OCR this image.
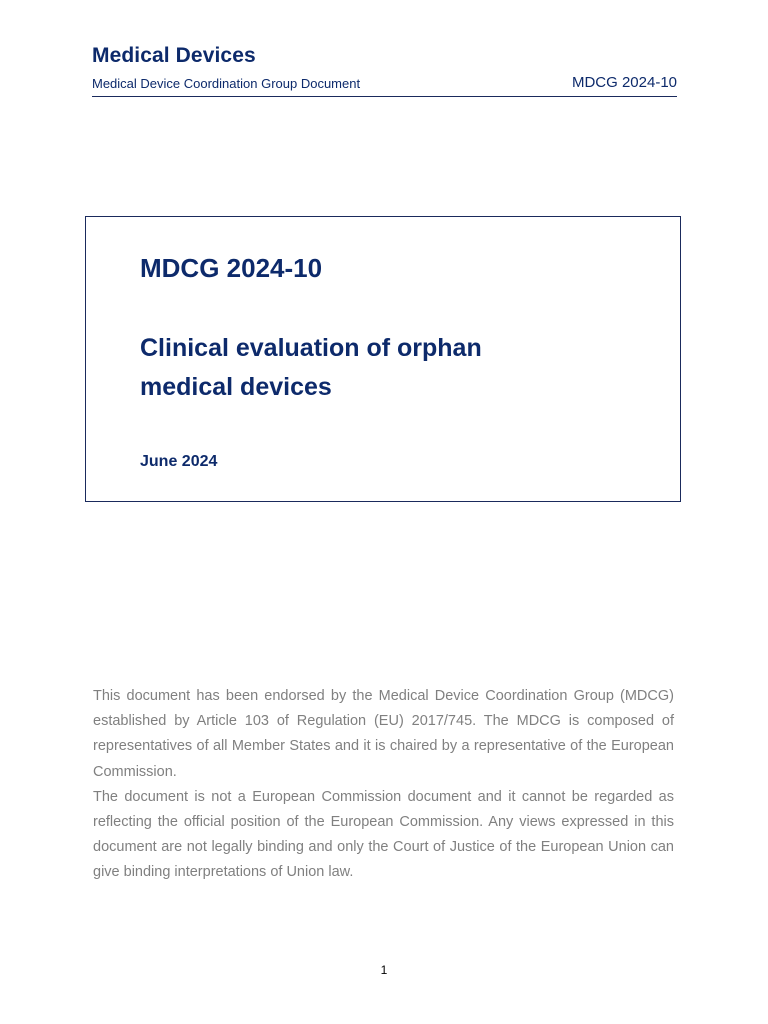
Medical Devices
Medical Device Coordination Group Document	MDCG 2024-10
MDCG 2024-10
Clinical evaluation of orphan medical devices
June 2024

This document has been endorsed by the Medical Device Coordination Group (MDCG) established by Article 103 of Regulation (EU) 2017/745. The MDCG is composed of representatives of all Member States and it is chaired by a representative of the European Commission.

The document is not a European Commission document and it cannot be regarded as reflecting the official position of the European Commission. Any views expressed in this document are not legally binding and only the Court of Justice of the European Union can give binding interpretations of Union law.

1
